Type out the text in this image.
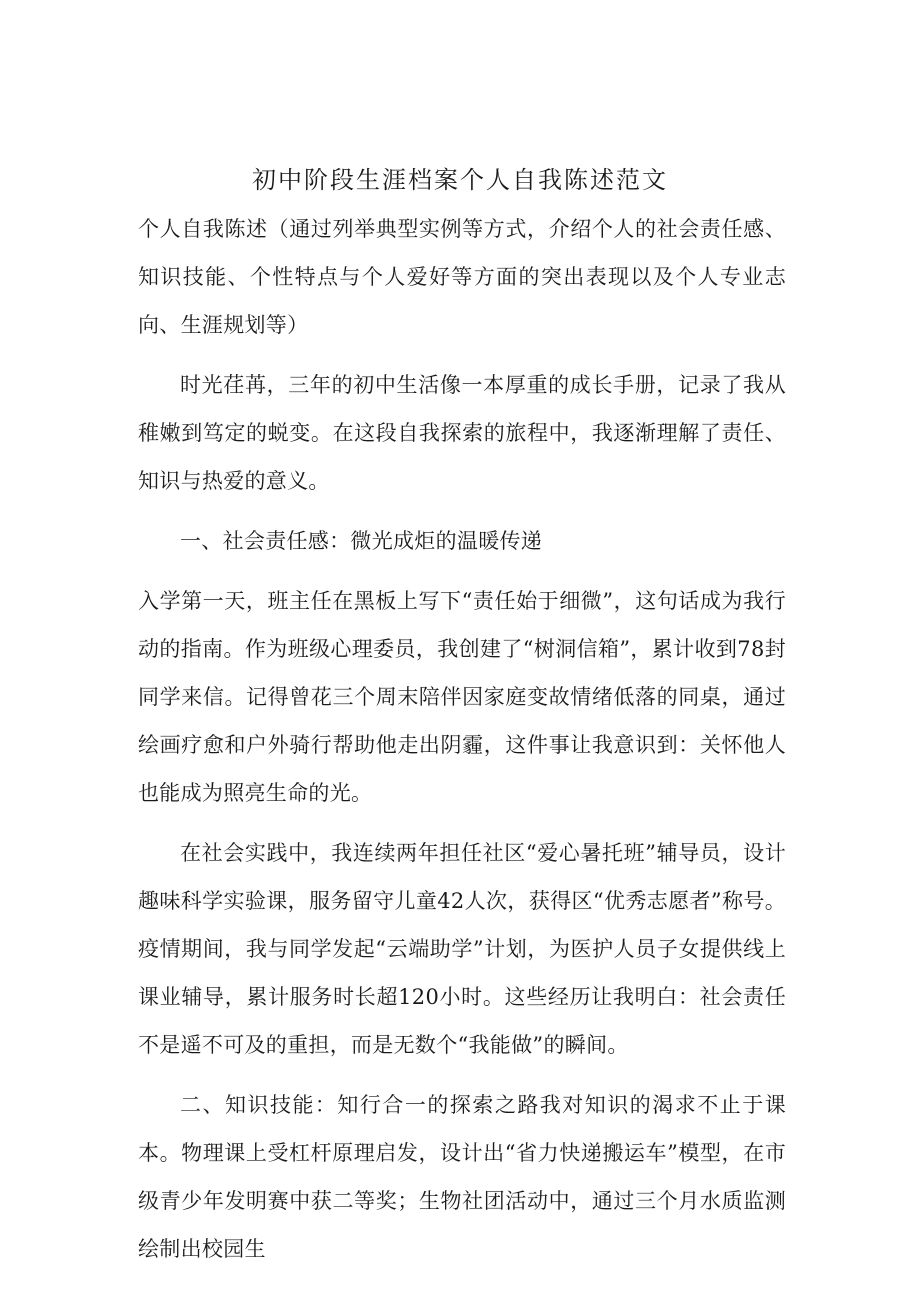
初中阶段生涯档案个人自我陈述范文

个人自我陈述（通过列举典型实例等方式，介绍个人的社会责任感、知识技能、个性特点与个人爱好等方面的突出表现以及个人专业志向、生涯规划等）

时光荏苒，三年的初中生活像一本厚重的成长手册，记录了我从稚嫩到笃定的蜕变。在这段自我探索的旅程中，我逐渐理解了责任、知识与热爱的意义。

一、社会责任感：微光成炬的温暖传递

入学第一天，班主任在黑板上写下“责任始于细微”，这句话成为我行动的指南。作为班级心理委员，我创建了“树洞信箱”，累计收到78封同学来信。记得曾花三个周末陪伴因家庭变故情绪低落的同桌，通过绘画疗愈和户外骑行帮助他走出阴霾，这件事让我意识到：关怀他人也能成为照亮生命的光。

在社会实践中，我连续两年担任社区“爱心暑托班”辅导员，设计趣味科学实验课，服务留守儿童42人次，获得区“优秀志愿者”称号。疫情期间，我与同学发起“云端助学”计划，为医护人员子女提供线上课业辅导，累计服务时长超120小时。这些经历让我明白：社会责任不是遥不可及的重担，而是无数个“我能做”的瞬间。

二、知识技能：知行合一的探索之路我对知识的渴求不止于课本。物理课上受杠杆原理启发，设计出“省力快递搬运车”模型，在市级青少年发明赛中获二等奖；生物社团活动中，通过三个月水质监测绘制出校园生
